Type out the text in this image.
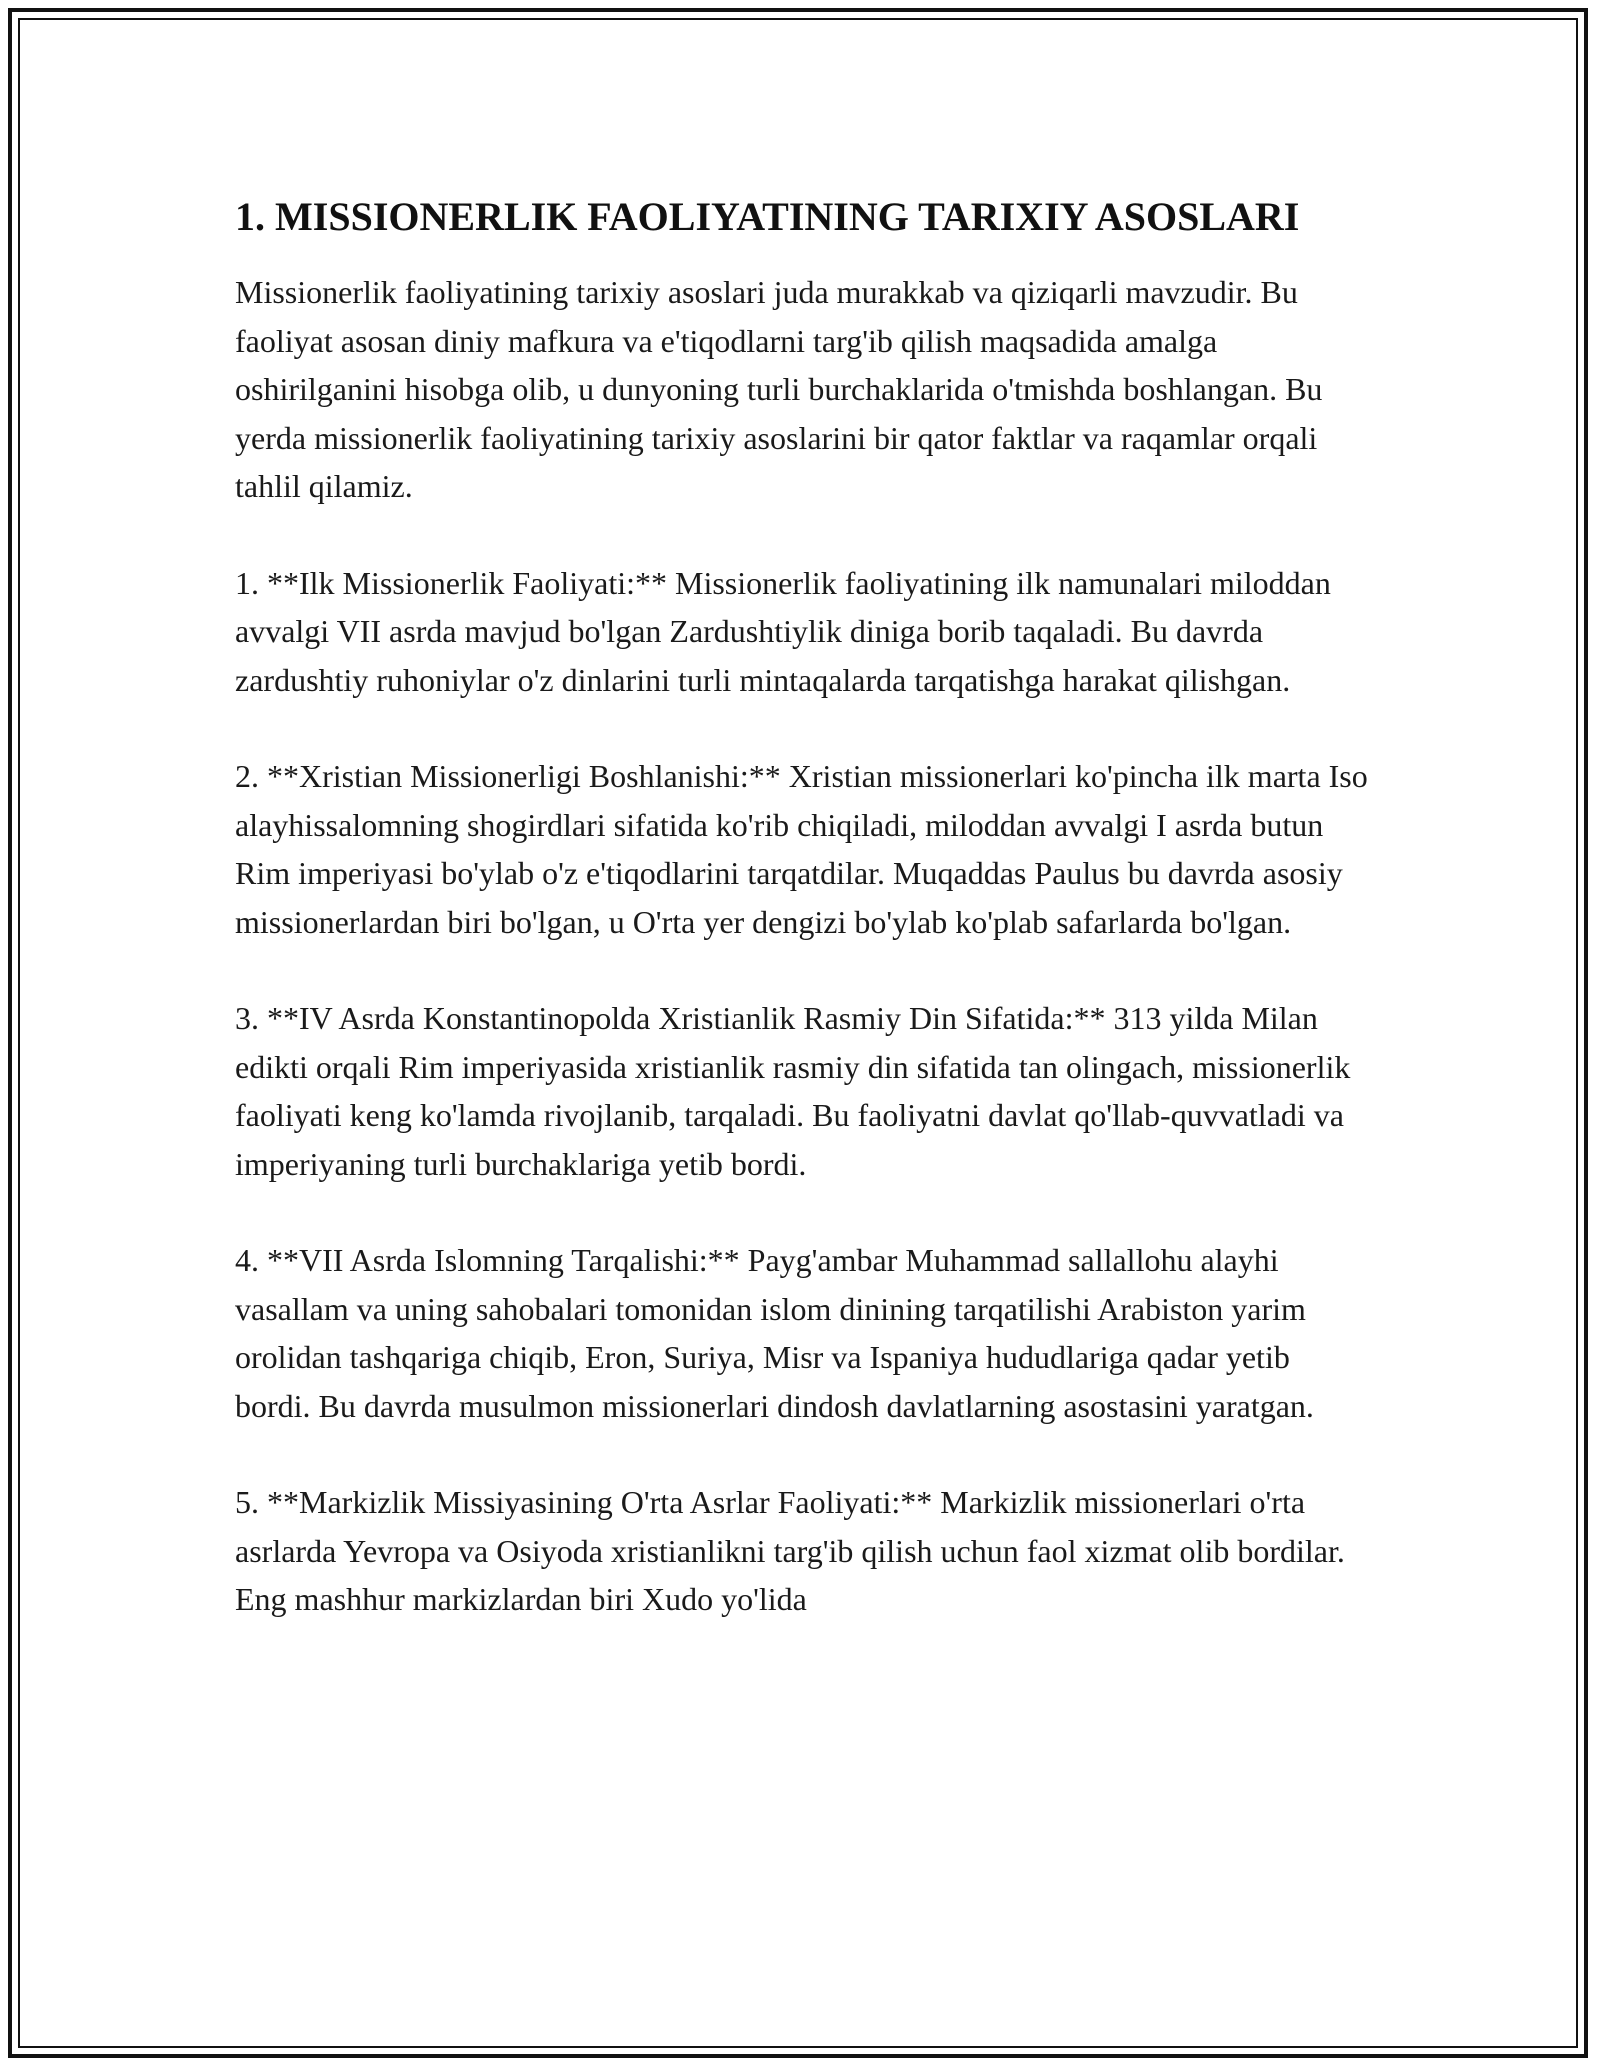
1. MISSIONERLIK FAOLIYATINING TARIXIY ASOSLARI

Missionerlik faoliyatining tarixiy asoslari juda murakkab va qiziqarli mavzudir. Bu faoliyat asosan diniy mafkura va e'tiqodlarni targ'ib qilish maqsadida amalga oshirilganini hisobga olib, u dunyoning turli burchaklarida o'tmishda boshlangan. Bu yerda missionerlik faoliyatining tarixiy asoslarini bir qator faktlar va raqamlar orqali tahlil qilamiz.

1. **Ilk Missionerlik Faoliyati:** Missionerlik faoliyatining ilk namunalari miloddan avvalgi VII asrda mavjud bo'lgan Zardushtiylik diniga borib taqaladi. Bu davrda zardushtiy ruhoniylar o'z dinlarini turli mintaqalarda tarqatishga harakat qilishgan.

2. **Xristian Missionerligi Boshlanishi:** Xristian missionerlari ko'pincha ilk marta Iso alayhissalomning shogirdlari sifatida ko'rib chiqiladi, miloddan avvalgi I asrda butun Rim imperiyasi bo'ylab o'z e'tiqodlarini tarqatdilar. Muqaddas Paulus bu davrda asosiy missionerlardan biri bo'lgan, u O'rta yer dengizi bo'ylab ko'plab safarlarda bo'lgan.

3. **IV Asrda Konstantinopolda Xristianlik Rasmiy Din Sifatida:** 313 yilda Milan edikti orqali Rim imperiyasida xristianlik rasmiy din sifatida tan olingach, missionerlik faoliyati keng ko'lamda rivojlanib, tarqaladi. Bu faoliyatni davlat qo'llab-quvvatladi va imperiyaning turli burchaklariga yetib bordi.

4. **VII Asrda Islomning Tarqalishi:** Payg'ambar Muhammad sallallohu alayhi vasallam va uning sahobalari tomonidan islom dinining tarqatilishi Arabiston yarim orolidan tashqariga chiqib, Eron, Suriya, Misr va Ispaniya hududlariga qadar yetib bordi. Bu davrda musulmon missionerlari dindosh davlatlarning asostasini yaratgan.

5. **Markizlik Missiyasining O'rta Asrlar Faoliyati:** Markizlik missionerlari o'rta asrlarda Yevropa va Osiyoda xristianlikni targ'ib qilish uchun faol xizmat olib bordilar. Eng mashhur markizlardan biri Xudo yo'lida
